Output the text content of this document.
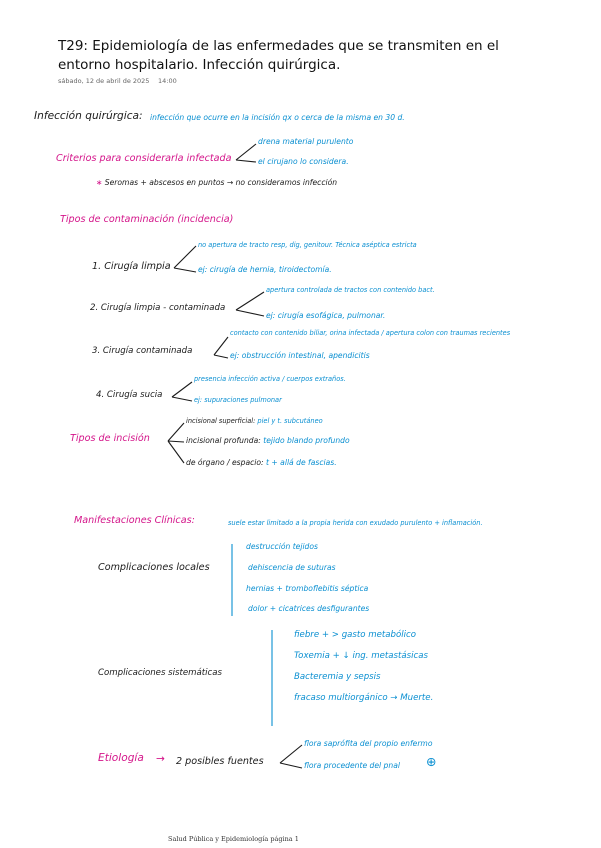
T29: Epidemiología de las enfermedades que se transmiten en el entorno hospitalario. Infección quirúrgica.
sábado, 12 de abril de 2025 14:00
Infección quirúrgica: infección que ocurre en la incisión qx o cerca de la misma en 30 d.
Criterios para considerarla infectada
drena material purulento
el cirujano lo considera.
∗ Seromas + abscesos en puntos → no consideramos infección
Tipos de contaminación (incidencia)
1. Cirugía limpia
no apertura de tracto resp, dig, genitour. Técnica aséptica estricta
ej: cirugía de hernia, tiroidectomía.
2. Cirugía limpia - contaminada
apertura controlada de tractos con contenido bact.
ej: cirugía esofágica, pulmonar.
3. Cirugía contaminada
contacto con contenido biliar, orina infectada / apertura colon con traumas recientes
ej: obstrucción intestinal, apendicitis
4. Cirugía sucia
presencia infección activa / cuerpos extraños.
ej: supuraciones pulmonar
Tipos de incisión
incisional superficial: piel y t. subcutáneo
incisional profunda: tejido blando profundo
de órgano / espacio: t + allá de fascias.
Manifestaciones Clínicas:	suele estar limitado a la propia herida con exudado purulento + inflamación.
Complicaciones locales
destrucción tejidos
dehiscencia de suturas
hernias + tromboflebitis séptica
dolor + cicatrices desfigurantes
Complicaciones sistemáticas
fiebre + > gasto metabólico
Toxemia + ↓ ing. metastásicas
Bacteremia y sepsis
fracaso multiorgánico → Muerte.
Etiología → 2 posibles fuentes
flora saprófita del propio enfermo
flora procedente del pnal ⊕
Salud Pública y Epidemiología página 1
